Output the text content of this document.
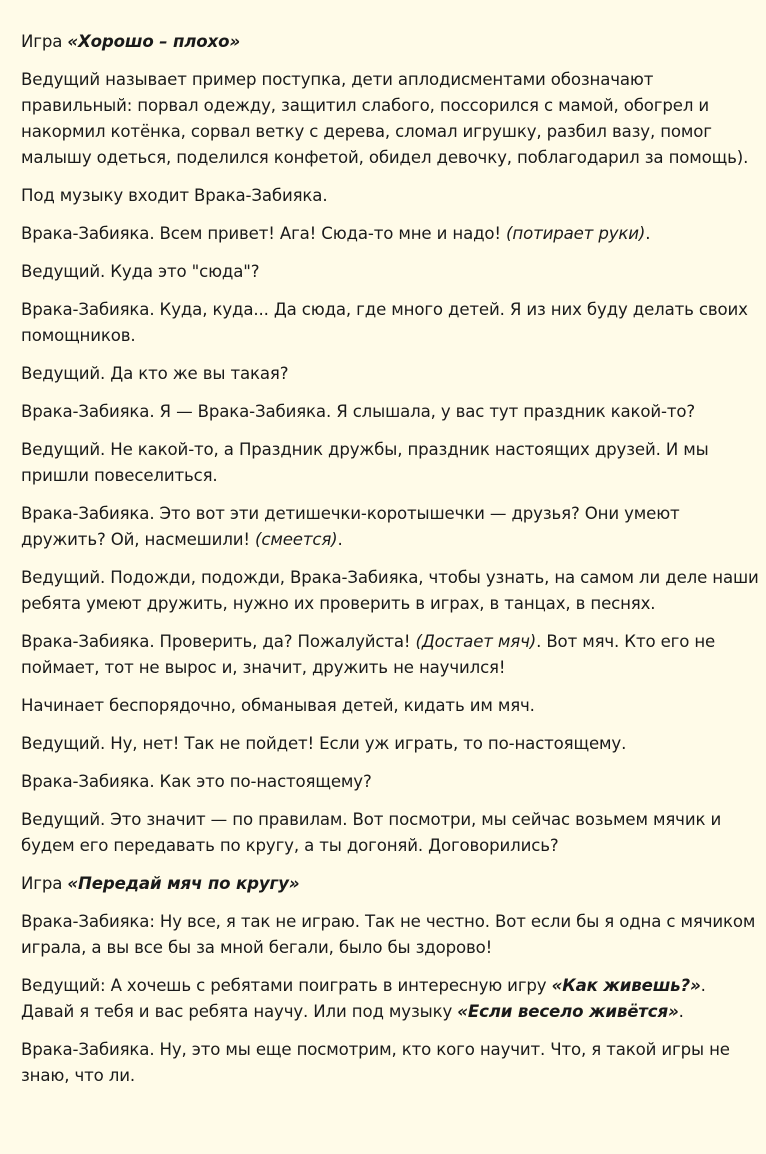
Игра «Хорошо – плохо»

Ведущий называет пример поступка, дети аплодисментами обозначают правильный: порвал одежду, защитил слабого, поссорился с мамой, обогрел и накормил котёнка, сорвал ветку с дерева, сломал игрушку, разбил вазу, помог малышу одеться, поделился конфетой, обидел девочку, поблагодарил за помощь).

Под музыку входит Врака-Забияка.

Врака-Забияка. Всем привет! Ага! Сюда-то мне и надо! (потирает руки).

Ведущий. Куда это "сюда"?

Врака-Забияка. Куда, куда... Да сюда, где много детей. Я из них буду делать своих помощников.

Ведущий. Да кто же вы такая?

Врака-Забияка. Я — Врака-Забияка. Я слышала, у вас тут праздник какой-то?

Ведущий. Не какой-то, а Праздник дружбы, праздник настоящих друзей. И мы пришли повеселиться.

Врака-Забияка. Это вот эти детишечки-коротышечки — друзья? Они умеют дружить? Ой, насмешили! (смеется).

Ведущий. Подожди, подожди, Врака-Забияка, чтобы узнать, на самом ли деле наши ребята умеют дружить, нужно их проверить в играх, в танцах, в песнях.

Врака-Забияка. Проверить, да? Пожалуйста! (Достает мяч). Вот мяч. Кто его не поймает, тот не вырос и, значит, дружить не научился!

Начинает беспорядочно, обманывая детей, кидать им мяч.

Ведущий. Ну, нет! Так не пойдет! Если уж играть, то по-настоящему.

Врака-Забияка. Как это по-настоящему?

Ведущий. Это значит — по правилам. Вот посмотри, мы сейчас возьмем мячик и будем его передавать по кругу, а ты догоняй. Договорились?

Игра «Передай мяч по кругу»

Врака-Забияка: Ну все, я так не играю. Так не честно. Вот если бы я одна с мячиком играла, а вы все бы за мной бегали, было бы здорово!

Ведущий: А хочешь с ребятами поиграть в интересную игру «Как живешь?». Давай я тебя и вас ребята научу. Или под музыку «Если весело живётся».

Врака-Забияка. Ну, это мы еще посмотрим, кто кого научит. Что, я такой игры не знаю, что ли.
